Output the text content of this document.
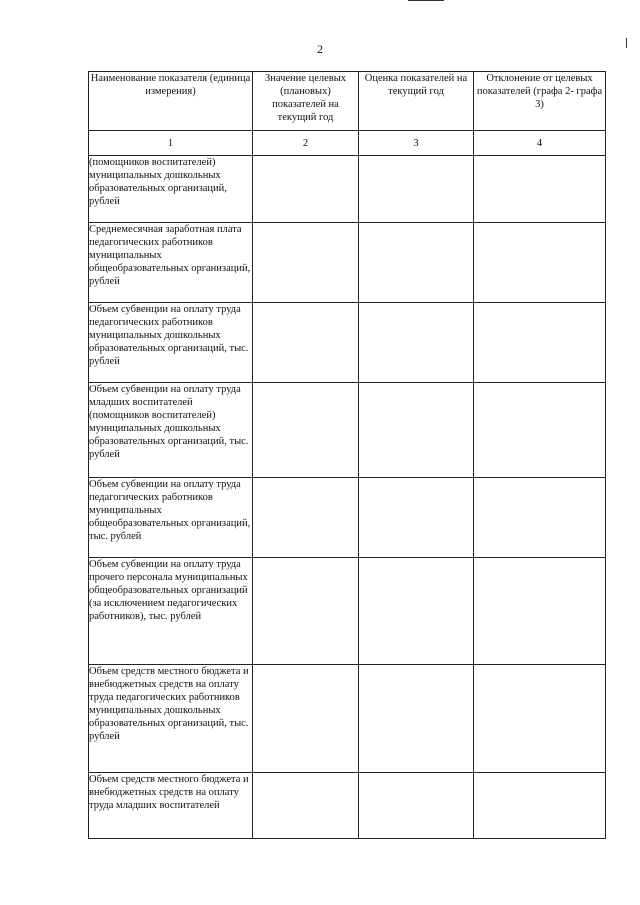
2
Наименование показателя (единица измерения)	Значение целевых (плановых) показателей на текущий год	Оценка показателей на текущий год	Отклонение от целевых показателей (графа 2- графа 3)
1	2	3	4
(помощников воспитателей) муниципальных дошкольных образовательных организаций, рублей			
Среднемесячная заработная плата педагогических работников муниципальных общеобразовательных организаций, рублей			
Объем субвенции на оплату труда педагогических работников муниципальных дошкольных образовательных организаций, тыс. рублей			
Объем субвенции на оплату труда младших воспитателей (помощников воспитателей) муниципальных дошкольных образовательных организаций, тыс. рублей			
Объем субвенции на оплату труда педагогических работников муниципальных общеобразовательных организаций, тыс. рублей			
Объем субвенции на оплату труда прочего персонала муниципальных общеобразовательных организаций (за исключением педагогических работников), тыс. рублей			
Объем средств местного бюджета и внебюджетных средств на оплату труда педагогических работников муниципальных дошкольных образовательных организаций, тыс. рублей			
Объем средств местного бюджета и внебюджетных средств на оплату труда младших воспитателей			
